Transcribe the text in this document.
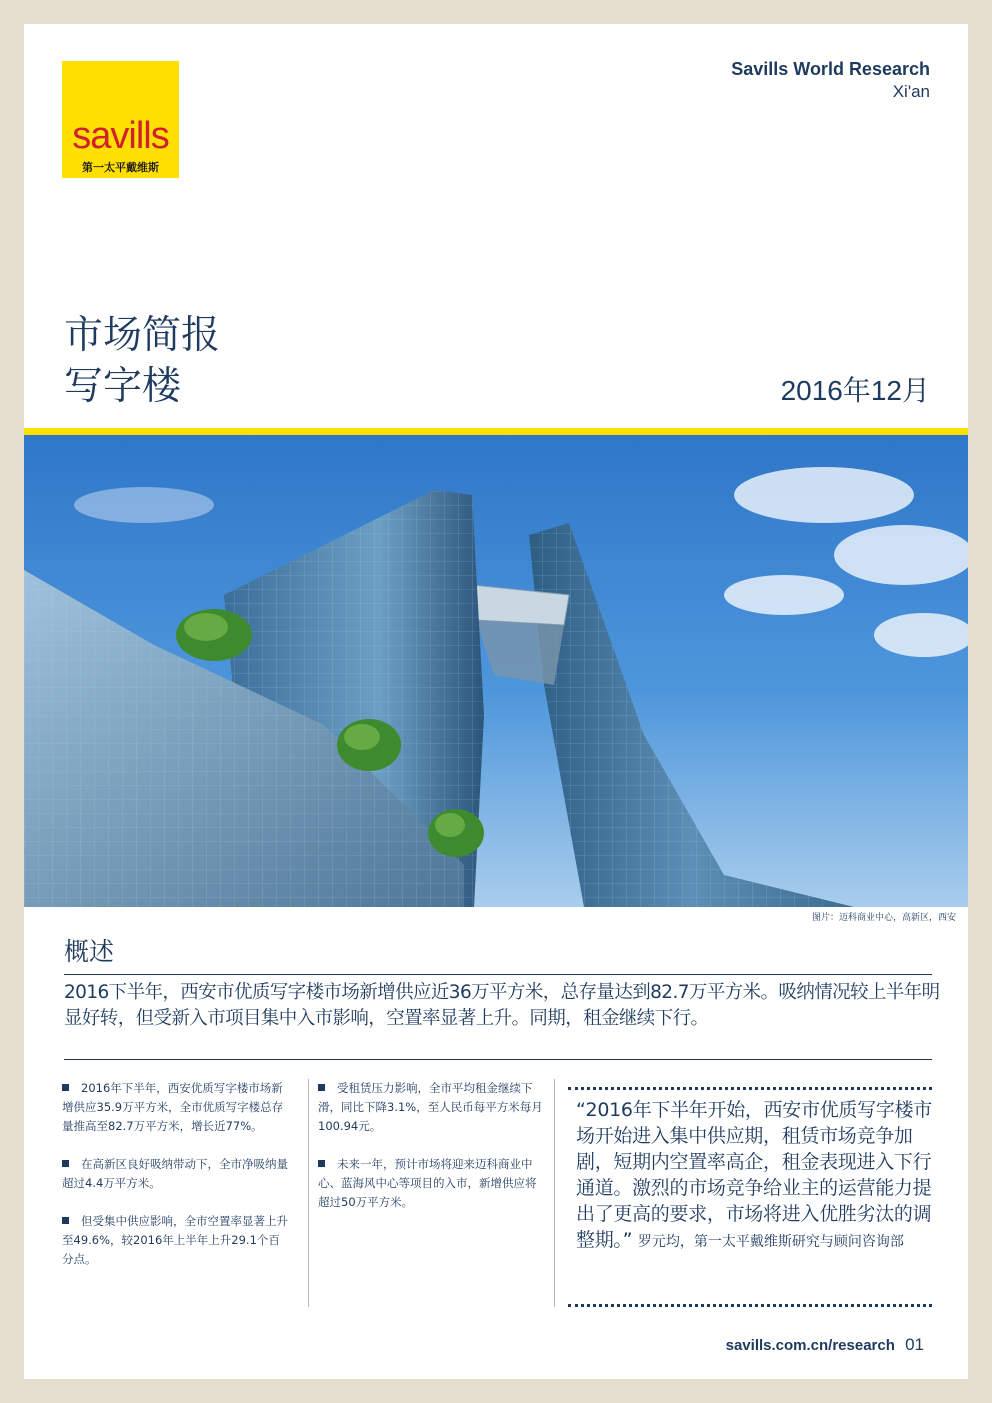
savills
第一太平戴维斯
Savills World Research
Xi'an
市场简报
写字楼	2016年12月
图片：迈科商业中心，高新区，西安
概述
2016下半年，西安市优质写字楼市场新增供应近36万平方米，总存量达到82.7万平方米。吸纳情况较上半年明显好转，但受新入市项目集中入市影响，空置率显著上升。同期，租金继续下行。
2016年下半年，西安优质写字楼市场新增供应35.9万平方米，全市优质写字楼总存量推高至82.7万平方米，增长近77%。
在高新区良好吸纳带动下，全市净吸纳量超过4.4万平方米。
但受集中供应影响，全市空置率显著上升至49.6%，较2016年上半年上升29.1个百分点。
受租赁压力影响，全市平均租金继续下滑，同比下降3.1%，至人民币每平方米每月100.94元。
未来一年，预计市场将迎来迈科商业中心、蓝海风中心等项目的入市，新增供应将超过50万平方米。
“2016年下半年开始，西安市优质写字楼市场开始进入集中供应期，租赁市场竞争加剧，短期内空置率高企，租金表现进入下行通道。激烈的市场竞争给业主的运营能力提出了更高的要求，市场将进入优胜劣汰的调整期。” 罗元均，第一太平戴维斯研究与顾问咨询部
savills.com.cn/research 01
